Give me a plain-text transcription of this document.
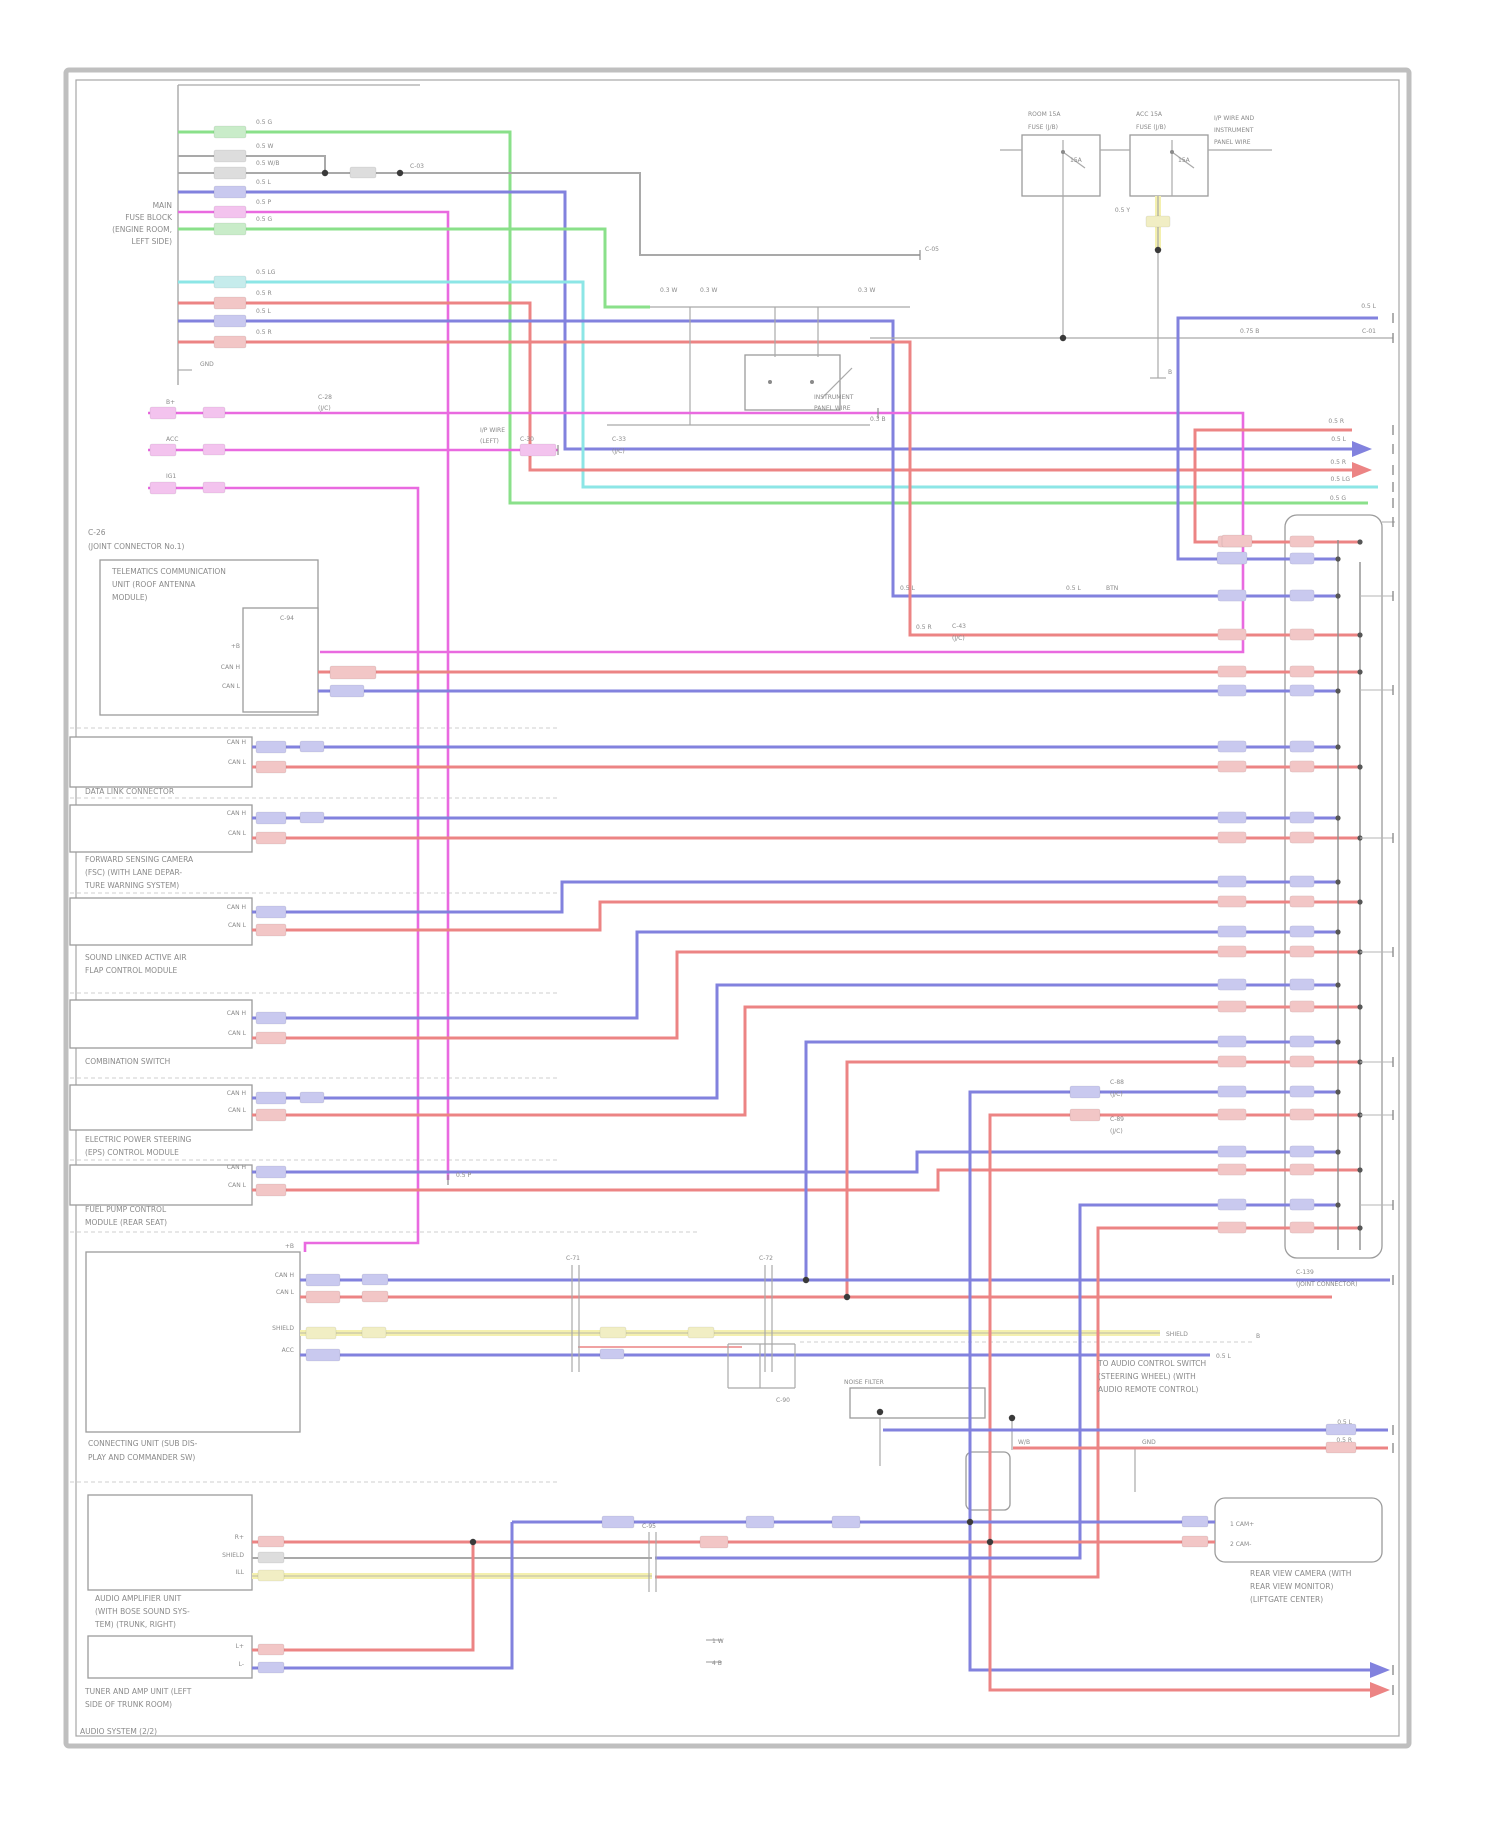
MAIN
FUSE BLOCK
(ENGINE ROOM,
LEFT SIDE)
0.5 G
0.5 W
0.5 W/B
0.5 L
0.5 P
0.5 G
0.5 LG
0.5 R
0.5 L
0.5 R
GND
C-03
C-05
B+
ACC
IG1
C-28
(J/C)
INSTRUMENT
PANEL WIRE
I/P WIRE
(LEFT)
C-26
(JOINT CONNECTOR No.1)
TELEMATICS COMMUNICATION
UNIT (ROOF ANTENNA
MODULE)
+B
CAN H
CAN L
C-94
0.5 L
C-01
0.75 B
0.5 R
0.5 L
0.5 R
0.5 LG
0.5 G
0.5 L
0.5 R	C-43
(J/C)
0.5 L	BTN
C-88
(J/C)
C-89
(J/C)
CAN H
CAN L
DATA LINK CONNECTOR
CAN H
CAN L
FORWARD SENSING CAMERA
(FSC) (WITH LANE DEPAR-
TURE WARNING SYSTEM)
CAN H
CAN L
SOUND LINKED ACTIVE AIR
FLAP CONTROL MODULE
CAN H
CAN L
COMBINATION SWITCH
CAN H
CAN L
ELECTRIC POWER STEERING
(EPS) CONTROL MODULE
CAN H
CAN L
FUEL PUMP CONTROL
MODULE (REAR SEAT)
+B
CAN H
CAN L
SHIELD
ACC
CONNECTING UNIT (SUB DIS-
PLAY AND COMMANDER SW)
C-71	C-72
C-95
SHIELD	B
0.5 L
TO AUDIO CONTROL SWITCH
(STEERING WHEEL) (WITH
AUDIO REMOTE CONTROL)
NOISE FILTER
C-90
W/B	GND
0.5 L
0.5 R
1 CAM+
2 CAM-
REAR VIEW CAMERA (WITH
REAR VIEW MONITOR)
(LIFTGATE CENTER)
C-139
(JOINT CONNECTOR)
R+
SHIELD
ILL
AUDIO AMPLIFIER UNIT
(WITH BOSE SOUND SYS-
TEM) (TRUNK, RIGHT)
L+
L-
TUNER AND AMP UNIT (LEFT
SIDE OF TRUNK ROOM)
1 W
4 B
AUDIO SYSTEM (2/2)
ROOM 15A
FUSE (J/B)
ACC 15A
FUSE (J/B)
I/P WIRE AND
INSTRUMENT
PANEL WIRE
15A	15A
0.5 Y
B
C-33
(J/C)
0.3 W	0.3 W	0.3 W
0.3 B
0.5 P
C-30
